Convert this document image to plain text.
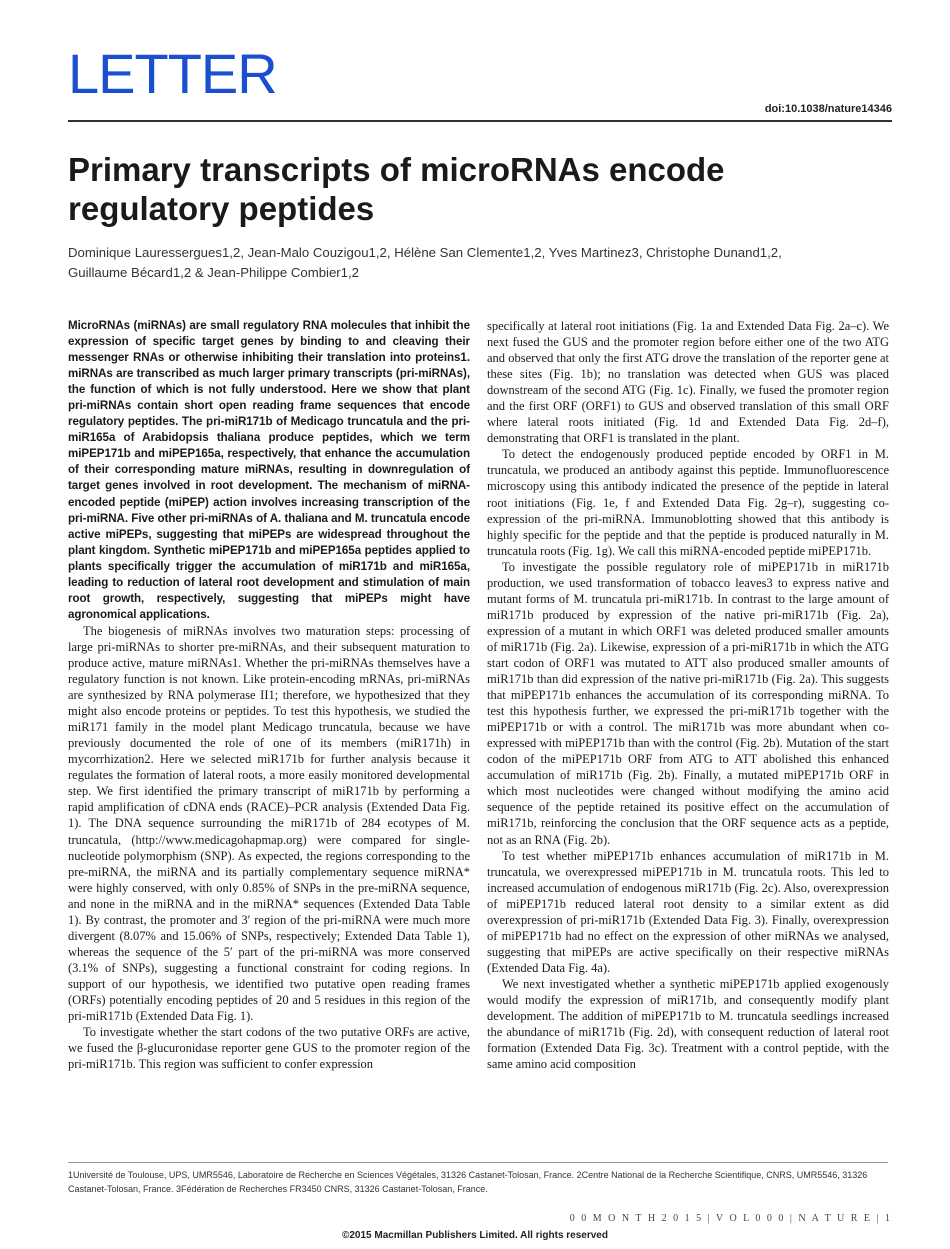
LETTER
doi:10.1038/nature14346
Primary transcripts of microRNAs encode regulatory peptides
Dominique Lauressergues1,2, Jean-Malo Couzigou1,2, Hélène San Clemente1,2, Yves Martinez3, Christophe Dunand1,2,
Guillaume Bécard1,2 & Jean-Philippe Combier1,2

MicroRNAs (miRNAs) are small regulatory RNA molecules that inhibit the expression of specific target genes by binding to and cleaving their messenger RNAs or otherwise inhibiting their translation into proteins1. miRNAs are transcribed as much larger primary transcripts (pri-miRNAs), the function of which is not fully understood. Here we show that plant pri-miRNAs contain short open reading frame sequences that encode regulatory peptides. The pri-miR171b of Medicago truncatula and the pri-miR165a of Arabidopsis thaliana produce peptides, which we term miPEP171b and miPEP165a, respectively, that enhance the accumulation of their corresponding mature miRNAs, resulting in downregulation of target genes involved in root development. The mechanism of miRNA-encoded peptide (miPEP) action involves increasing transcription of the pri-miRNA. Five other pri-miRNAs of A. thaliana and M. truncatula encode active miPEPs, suggesting that miPEPs are widespread throughout the plant kingdom. Synthetic miPEP171b and miPEP165a peptides applied to plants specifically trigger the accumulation of miR171b and miR165a, leading to reduction of lateral root development and stimulation of main root growth, respectively, suggesting that miPEPs might have agronomical applications.

The biogenesis of miRNAs involves two maturation steps: processing of large pri-miRNAs to shorter pre-miRNAs, and their subsequent maturation to produce active, mature miRNAs1. Whether the pri-miRNAs themselves have a regulatory function is not known. Like protein-encoding mRNAs, pri-miRNAs are synthesized by RNA polymerase II1; therefore, we hypothesized that they might also encode proteins or peptides. To test this hypothesis, we studied the miR171 family in the model plant Medicago truncatula, because we have previously documented the role of one of its members (miR171h) in mycorrhization2. Here we selected miR171b for further analysis because it regulates the formation of lateral roots, a more easily monitored developmental step. We first identified the primary transcript of miR171b by performing a rapid amplification of cDNA ends (RACE)–PCR analysis (Extended Data Fig. 1). The DNA sequence surrounding the miR171b of 284 ecotypes of M. truncatula, (http://www.medicagohapmap.org) were compared for single-nucleotide polymorphism (SNP). As expected, the regions corresponding to the pre-miRNA, the miRNA and its partially complementary sequence miRNA* were highly conserved, with only 0.85% of SNPs in the pre-miRNA sequence, and none in the miRNA and in the miRNA* sequences (Extended Data Table 1). By contrast, the promoter and 3′ region of the pri-miRNA were much more divergent (8.07% and 15.06% of SNPs, respectively; Extended Data Table 1), whereas the sequence of the 5′ part of the pri-miRNA was more conserved (3.1% of SNPs), suggesting a functional constraint for coding regions. In support of our hypothesis, we identified two putative open reading frames (ORFs) potentially encoding peptides of 20 and 5 residues in this region of the pri-miR171b (Extended Data Fig. 1).

To investigate whether the start codons of the two putative ORFs are active, we fused the β-glucuronidase reporter gene GUS to the promoter region of the pri-miR171b. This region was sufficient to confer expression

specifically at lateral root initiations (Fig. 1a and Extended Data Fig. 2a–c). We next fused the GUS and the promoter region before either one of the two ATG and observed that only the first ATG drove the translation of the reporter gene at these sites (Fig. 1b); no translation was detected when GUS was placed downstream of the second ATG (Fig. 1c). Finally, we fused the promoter region and the first ORF (ORF1) to GUS and observed translation of this small ORF where lateral roots initiated (Fig. 1d and Extended Data Fig. 2d–f), demonstrating that ORF1 is translated in the plant.

To detect the endogenously produced peptide encoded by ORF1 in M. truncatula, we produced an antibody against this peptide. Immunofluorescence microscopy using this antibody indicated the presence of the peptide in lateral root initiations (Fig. 1e, f and Extended Data Fig. 2g–r), suggesting co-expression of the pri-miRNA. Immunoblotting showed that this antibody is highly specific for the peptide and that the peptide is produced naturally in M. truncatula roots (Fig. 1g). We call this miRNA-encoded peptide miPEP171b.

To investigate the possible regulatory role of miPEP171b in miR171b production, we used transformation of tobacco leaves3 to express native and mutant forms of M. truncatula pri-miR171b. In contrast to the large amount of miR171b produced by expression of the native pri-miR171b (Fig. 2a), expression of a mutant in which ORF1 was deleted produced smaller amounts of miR171b (Fig. 2a). Likewise, expression of a pri-miR171b in which the ATG start codon of ORF1 was mutated to ATT also produced smaller amounts of miR171b than did expression of the native pri-miR171b (Fig. 2a). This suggests that miPEP171b enhances the accumulation of its corresponding miRNA. To test this hypothesis further, we expressed the pri-miR171b together with the miPEP171b or with a control. The miR171b was more abundant when co-expressed with miPEP171b than with the control (Fig. 2b). Mutation of the start codon of the miPEP171b ORF from ATG to ATT abolished this enhanced accumulation of miR171b (Fig. 2b). Finally, a mutated miPEP171b ORF in which most nucleotides were changed without modifying the amino acid sequence of the peptide retained its positive effect on the accumulation of miR171b, reinforcing the conclusion that the ORF sequence acts as a peptide, not as an RNA (Fig. 2b).

To test whether miPEP171b enhances accumulation of miR171b in M. truncatula, we overexpressed miPEP171b in M. truncatula roots. This led to increased accumulation of endogenous miR171b (Fig. 2c). Also, overexpression of miPEP171b reduced lateral root density to a similar extent as did overexpression of pri-miR171b (Extended Data Fig. 3). Finally, overexpression of miPEP171b had no effect on the expression of other miRNAs we analysed, suggesting that miPEPs are active specifically on their respective miRNAs (Extended Data Fig. 4a).

We next investigated whether a synthetic miPEP171b applied exogenously would modify the expression of miR171b, and consequently modify plant development. The addition of miPEP171b to M. truncatula seedlings increased the abundance of miR171b (Fig. 2d), with consequent reduction of lateral root formation (Extended Data Fig. 3c). Treatment with a control peptide, with the same amino acid composition

1Université de Toulouse, UPS, UMR5546, Laboratoire de Recherche en Sciences Végétales, 31326 Castanet-Tolosan, France. 2Centre National de la Recherche Scientifique, CNRS, UMR5546, 31326
Castanet-Tolosan, France. 3Fédération de Recherches FR3450 CNRS, 31326 Castanet-Tolosan, France.
0 0 M O N T H 2 0 1 5 | V O L 0 0 0 | N A T U R E | 1
©2015 Macmillan Publishers Limited. All rights reserved
